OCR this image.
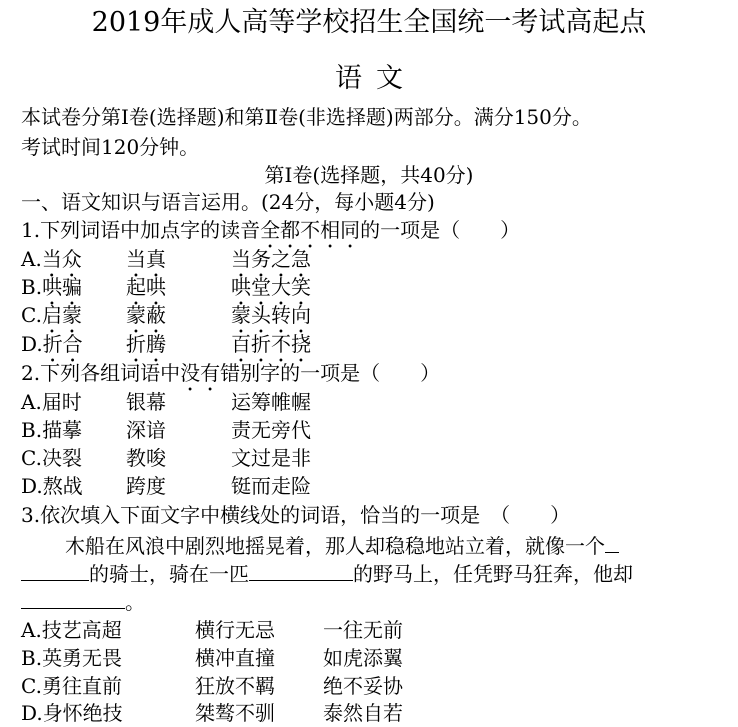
2019年成人高等学校招生全国统一考试高起点
语文
本试卷分第Ⅰ卷(选择题)和第Ⅱ卷(非选择题)两部分。满分150分。
考试时间120分钟。
第Ⅰ卷(选择题，共40分)
一、语文知识与语言运用。(24分，每小题4分)
1.下列词语中加点字的读音全都不相同的一项是（　　）
A.当众 当真	当务之急
B.哄骗 起哄	哄堂大笑
C.启蒙 蒙蔽	蒙头转向
D.折合 折腾	百折不挠
2.下列各组词语中没有错别字的一项是（　　）
A.届时 银幕	运筹帷幄
B.描摹 深谙	责无旁代
C.决裂 教唆	文过是非
D.熬战 跨度	铤而走险
3.依次填入下面文字中横线处的词语，恰当的一项是　（　　）
木船在风浪中剧烈地摇晃着，那人却稳稳地站立着，就像一个
的骑士，骑在一匹	的野马上，任凭野马狂奔，他却
。
A.技艺高超	横行无忌 一往无前
B.英勇无畏	横冲直撞 如虎添翼
C.勇往直前	狂放不羁 绝不妥协
D.身怀绝技	桀骜不驯 泰然自若
